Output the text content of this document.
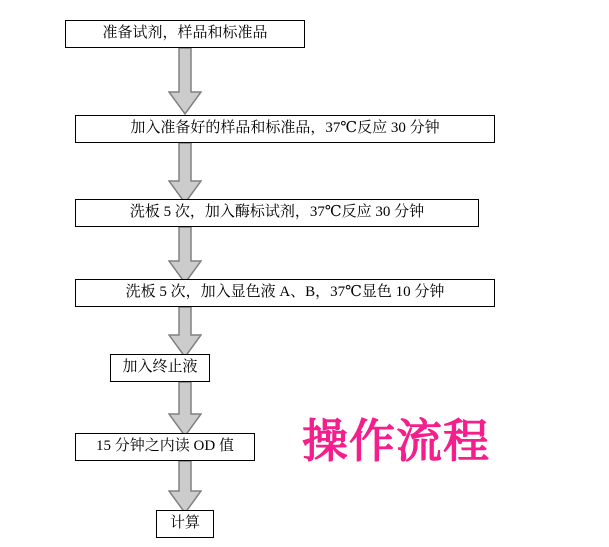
准备试剂，样品和标准品
加入准备好的样品和标准品，37℃反应 30 分钟
洗板 5 次，加入酶标试剂，37℃反应 30 分钟
洗板 5 次，加入显色液 A、B，37℃显色 10 分钟
加入终止液
15 分钟之内读 OD 值
计算
操作流程
